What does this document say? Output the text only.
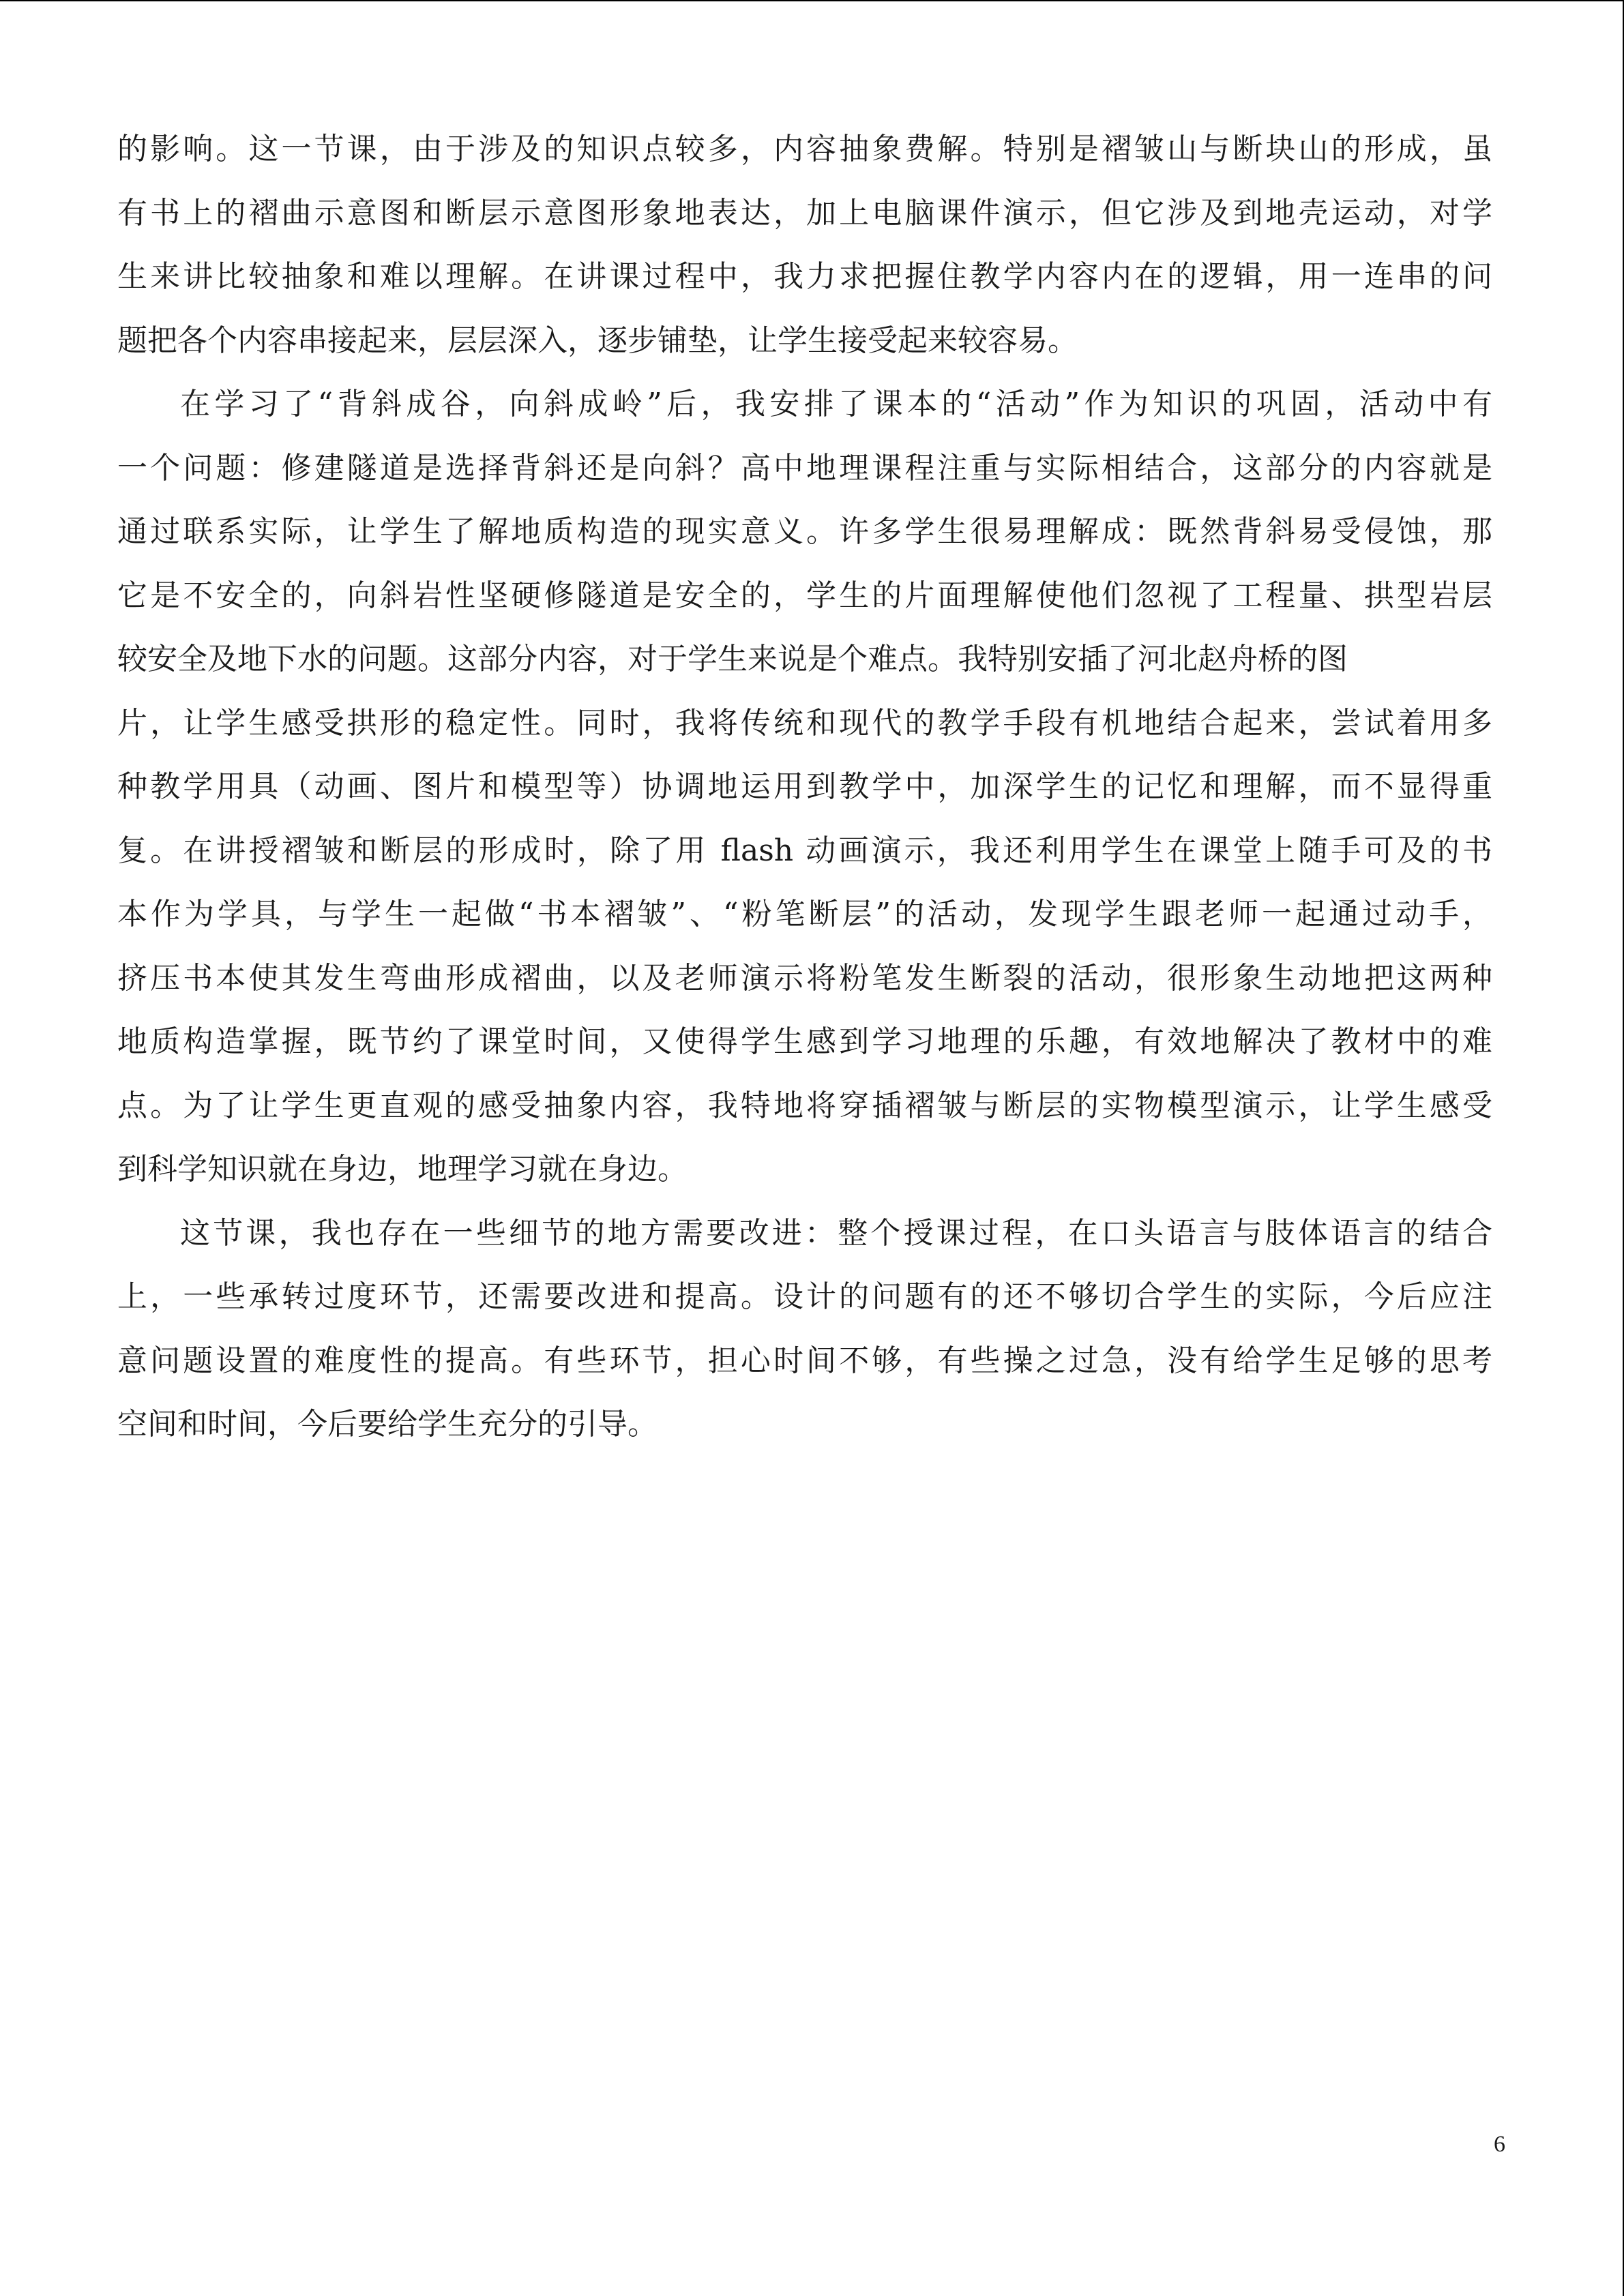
的影响。这一节课，由于涉及的知识点较多，内容抽象费解。特别是褶皱山与断块山的形成，虽
有书上的褶曲示意图和断层示意图形象地表达，加上电脑课件演示，但它涉及到地壳运动，对学
生来讲比较抽象和难以理解。在讲课过程中，我力求把握住教学内容内在的逻辑，用一连串的问
题把各个内容串接起来，层层深入，逐步铺垫，让学生接受起来较容易。
在学习了“背斜成谷，向斜成岭”后，我安排了课本的“活动”作为知识的巩固，活动中有
一个问题：修建隧道是选择背斜还是向斜？高中地理课程注重与实际相结合，这部分的内容就是
通过联系实际，让学生了解地质构造的现实意义。许多学生很易理解成：既然背斜易受侵蚀，那
它是不安全的，向斜岩性坚硬修隧道是安全的，学生的片面理解使他们忽视了工程量、拱型岩层
较安全及地下水的问题。这部分内容，对于学生来说是个难点。我特别安插了河北赵舟桥的图
片，让学生感受拱形的稳定性。同时，我将传统和现代的教学手段有机地结合起来，尝试着用多
种教学用具（动画、图片和模型等）协调地运用到教学中，加深学生的记忆和理解，而不显得重
复。在讲授褶皱和断层的形成时，除了用 flash 动画演示，我还利用学生在课堂上随手可及的书
本作为学具，与学生一起做“书本褶皱”、“粉笔断层”的活动，发现学生跟老师一起通过动手，
挤压书本使其发生弯曲形成褶曲，以及老师演示将粉笔发生断裂的活动，很形象生动地把这两种
地质构造掌握，既节约了课堂时间，又使得学生感到学习地理的乐趣，有效地解决了教材中的难
点。为了让学生更直观的感受抽象内容，我特地将穿插褶皱与断层的实物模型演示，让学生感受
到科学知识就在身边，地理学习就在身边。
这节课，我也存在一些细节的地方需要改进：整个授课过程，在口头语言与肢体语言的结合
上，一些承转过度环节，还需要改进和提高。设计的问题有的还不够切合学生的实际，今后应注
意问题设置的难度性的提高。有些环节，担心时间不够，有些操之过急，没有给学生足够的思考
空间和时间，今后要给学生充分的引导。
6
